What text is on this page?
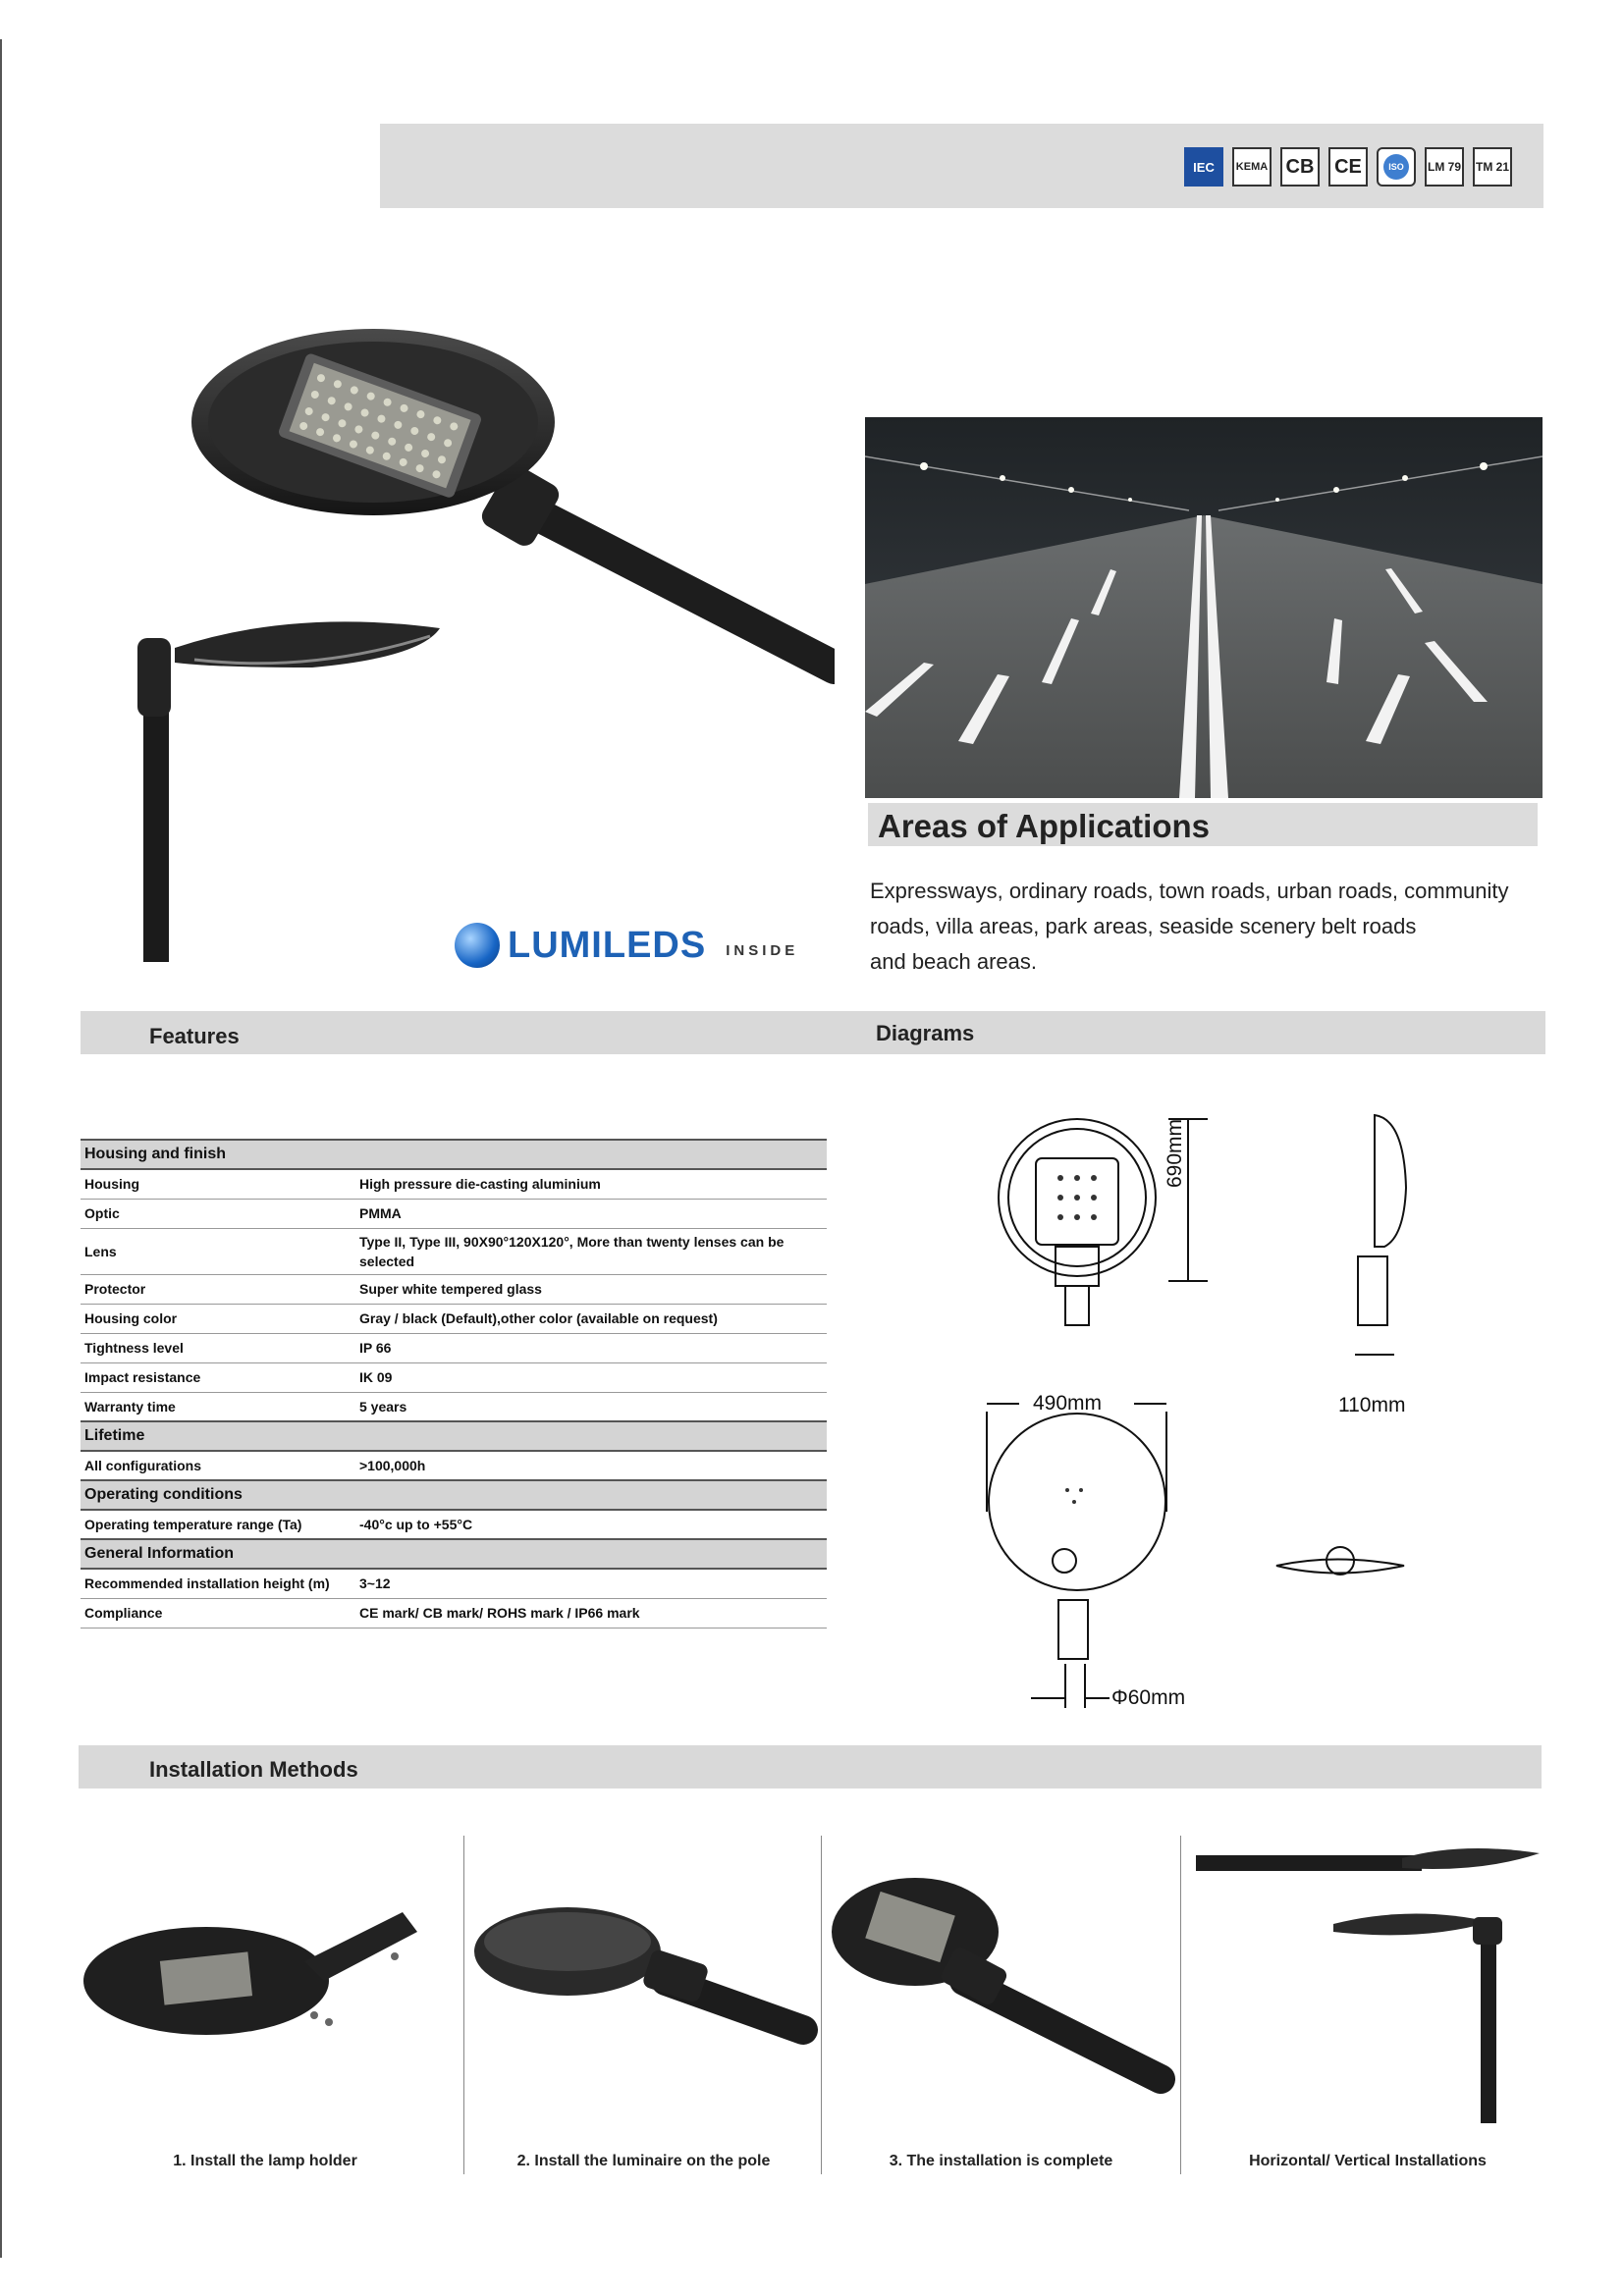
IEC	KEMA CB	CE	ISO	LM 79 TM 21
LUMILEDS INSIDE
Areas of Applications
Expressways, ordinary roads, town roads, urban roads, community
roads, villa areas, park areas, seaside scenery belt roads
and beach areas.
Features	Diagrams
Housing and finish	
Housing	High pressure die-casting aluminium
Optic	PMMA
Lens	Type II, Type III, 90X90°120X120°, More than twenty lenses can be selected
Protector	Super white tempered glass
Housing color	Gray / black (Default),other color (available on request)
Tightness level	IP 66
Impact resistance	IK 09
Warranty time	5 years
Lifetime	
All configurations	>100,000h
Operating conditions	
Operating temperature range (Ta)	-40°c up to +55°C
General Information	
Recommended installation height (m)	3~12
Compliance	CE mark/ CB mark/ ROHS mark / IP66 mark
690mm
490mm	110mm
Φ60mm
Installation Methods
1. Install the lamp holder	2. Install the luminaire on the pole	3. The installation is complete	Horizontal/ Vertical Installations
